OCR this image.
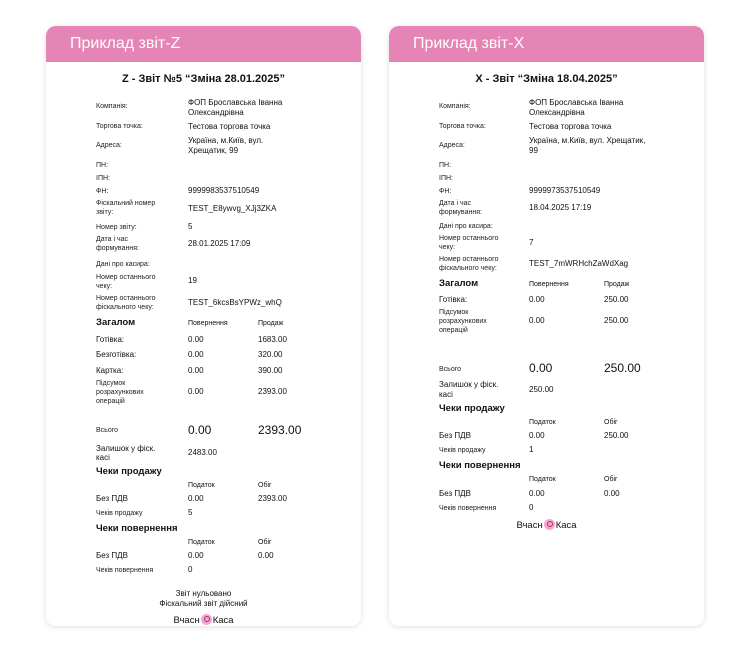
Приклад звіт-Z
Z - Звіт №5 “Зміна 28.01.2025”
Компанія:	ФОП Брославська Іванна
Олександрівна
Торгова точка:	Тестова торгова точка
Адреса:
Україна, м.Київ, вул.
Хрещатик, 99
ПН:
ІПН:
ФН:	9999983537510549
Фіскальний номер
звіту:	TEST_E8ywvg_XJj3ZKA
Номер звіту:	5
Дата і час
формування:
28.01.2025 17:09
Дані про касира:
Номер останнього
чеку:
19
Номер останнього
фіскального чеку:
TEST_6kcsBsYPWz_whQ
Загалом	Повернення	Продаж
Готівка:	0.00	1683.00
Безготівка:	0.00	320.00
Картка:	0.00	390.00
Підсумок
розрахункових
операцій
0.00	2393.00
Всього	0.00	2393.00
Залишок у фіск.
касі
2483.00
Чеки продажу
Податок	Обіг
Без ПДВ	0.00	2393.00
Чеків продажу	5
Чеки повернення
Податок	Обіг
Без ПДВ	0.00	0.00
Чеків повернення	0
Звіт нульовано
Фіскальний звіт дійсний
Вчасн Каса
Приклад звіт-X
X - Звіт “Зміна 18.04.2025”
Компанія:	ФОП Брославська Іванна
Олександрівна
Торгова точка:	Тестова торгова точка
Адреса:
Україна, м.Київ, вул. Хрещатик,
99
ПН:
ІПН:
ФН:	9999973537510549
Дата і час
формування:
18.04.2025 17:19
Дані про касира:
Номер останнього
чеку:
7
Номер останнього
фіскального чеку:
TEST_7mWRHchZaWdXag
Загалом	Повернення	Продаж
Готівка:	0.00	250.00
Підсумок
розрахункових
операцій
0.00	250.00
Всього	0.00	250.00
Залишок у фіск.
касі
250.00
Чеки продажу
Податок	Обіг
Без ПДВ	0.00	250.00
Чеків продажу	1
Чеки повернення
Податок	Обіг
Без ПДВ	0.00	0.00
Чеків повернення	0
Вчасн Каса
